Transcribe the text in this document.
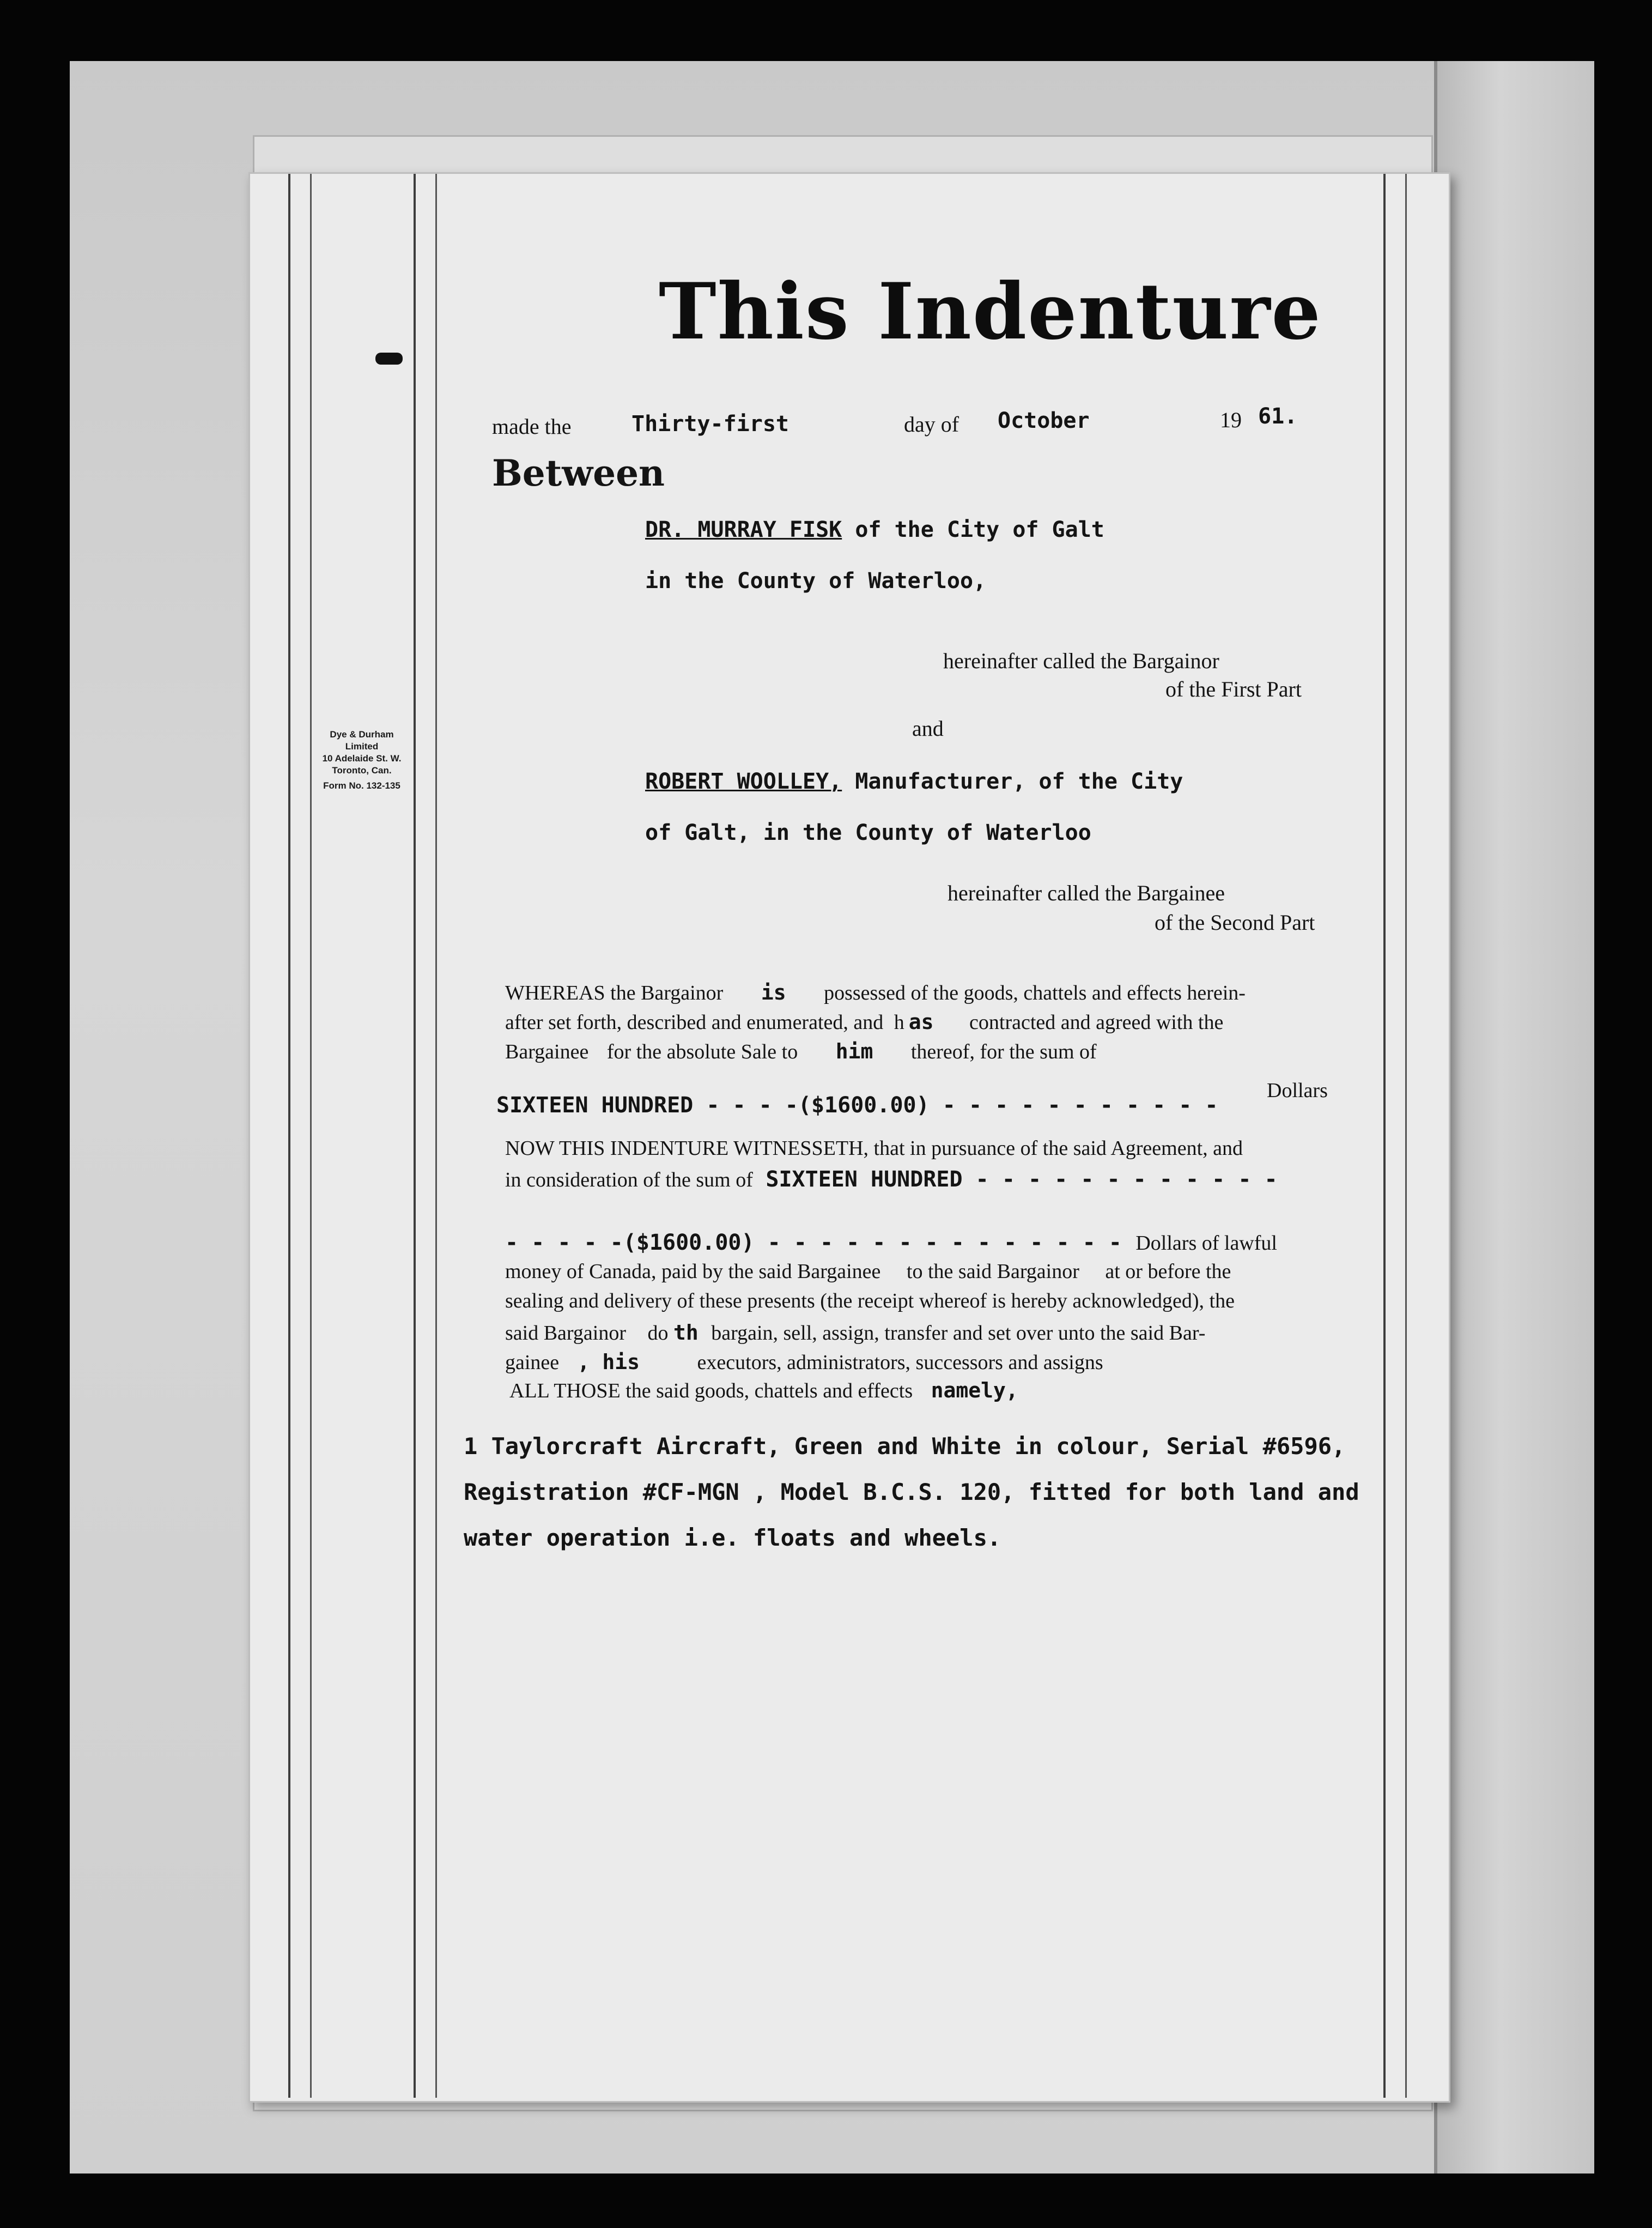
Dye & Durham
Limited
10 Adelaide St. W.
Toronto, Can.
Form No. 132-135
This Indenture
made the	Thirty-first	day of October	19 61.
Between
DR. MURRAY FISK of the City of Galt
in the County of Waterloo,
hereinafter called the Bargainor
of the First Part
and
ROBERT WOOLLEY, Manufacturer, of the City
of Galt, in the County of Waterloo
hereinafter called the Bargainee
of the Second Part
WHEREAS the Bargainor is possessed of the goods, chattels and effects herein-
after set forth, described and enumerated, and h as contracted and agreed with the
Bargainee for the absolute Sale to him thereof, for the sum of
SIXTEEN HUNDRED - - - -($1600.00) - - - - - - - - - - -
Dollars
NOW THIS INDENTURE WITNESSETH, that in pursuance of the said Agreement, and
in consideration of the sum of SIXTEEN HUNDRED - - - - - - - - - - - -
- - - - -($1600.00) - - - - - - - - - - - - - - Dollars of lawful
money of Canada, paid by the said Bargainee     to the said Bargainor     at or before the
sealing and delivery of these presents (the receipt whereof is hereby acknowledged), the
said Bargainor do th bargain, sell, assign, transfer and set over unto the said Bar-
gainee , his	executors, administrators, successors and assigns
ALL THOSE the said goods, chattels and effects namely,
1 Taylorcraft Aircraft, Green and White in colour, Serial #6596,
Registration #CF-MGN , Model B.C.S. 120, fitted for both land and
water operation i.e. floats and wheels.
